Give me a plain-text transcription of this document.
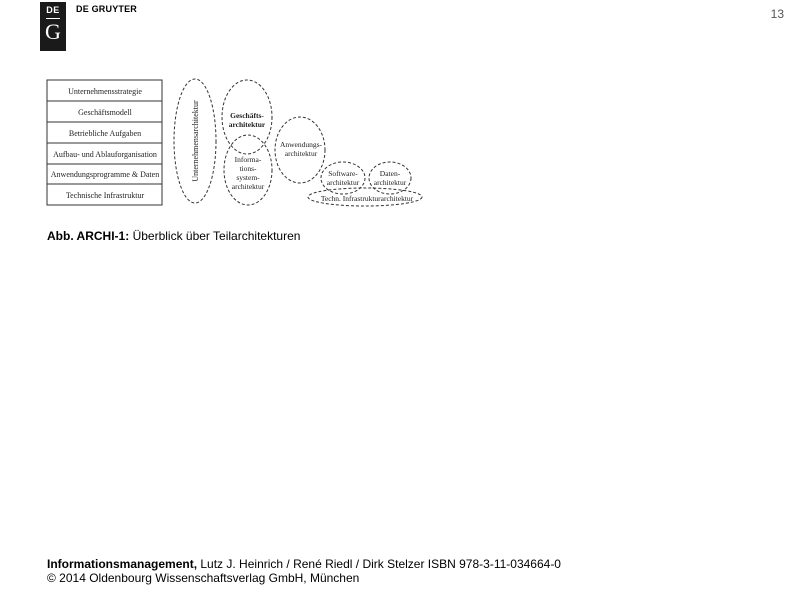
DE
G
DE GRUYTER	13
Unternehmensstrategie
Geschäftsmodell
Betriebliche Aufgaben
Aufbau- und Ablauforganisation
Anwendungsprogramme & Daten
Technische Infrastruktur
Unternehmensarchitektur	Geschäfts-
architektur
Informa-
tions-
system-
architektur
Anwendungs-
architektur
Software-
architektur
Daten-
architektur
Techn. Infrastrukturarchitektur
Abb. ARCHI-1: Überblick über Teilarchitekturen
Informationsmanagement, Lutz J. Heinrich / René Riedl / Dirk Stelzer ISBN 978-3-11-034664-0
© 2014 Oldenbourg Wissenschaftsverlag GmbH, München
